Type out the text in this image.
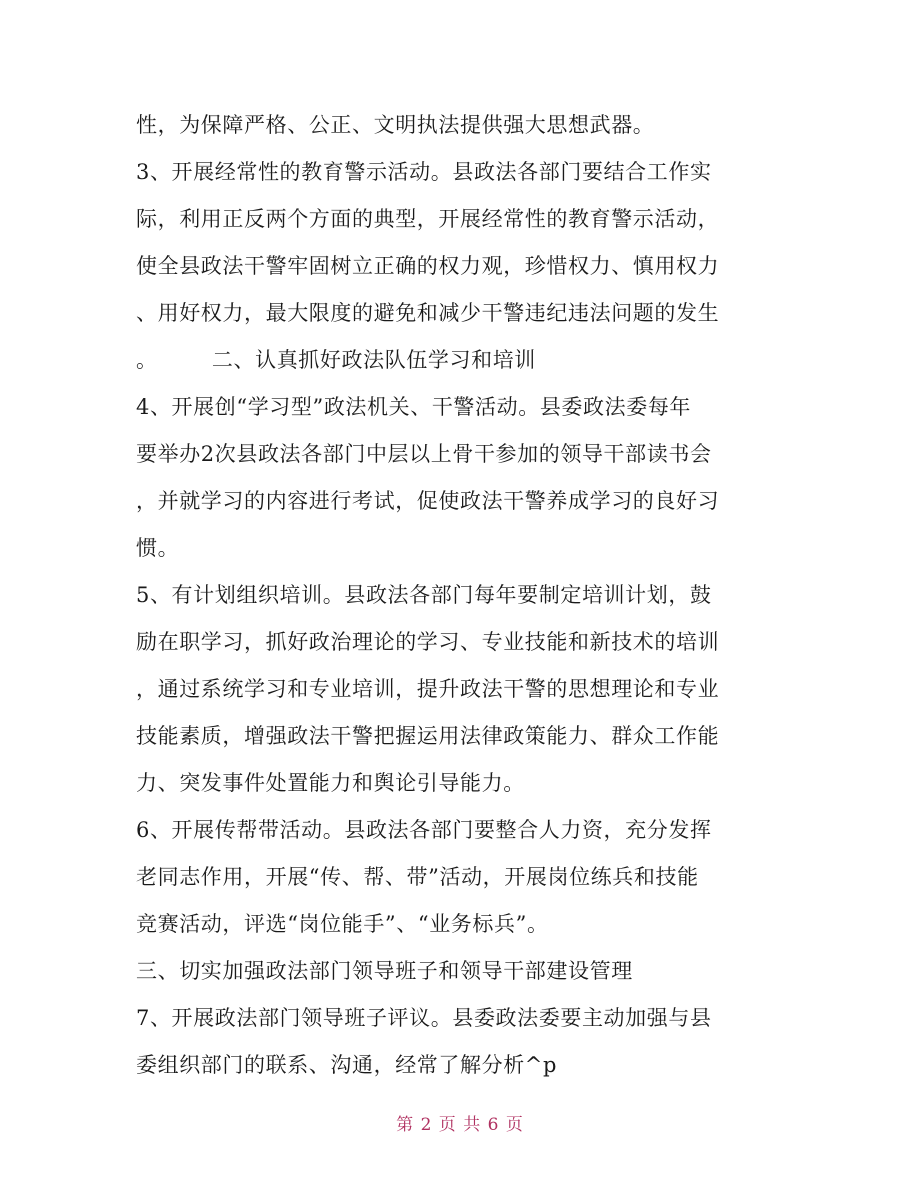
性，为保障严格、公正、文明执法提供强大思想武器。
3、开展经常性的教育警示活动。县政法各部门要结合工作实
际，利用正反两个方面的典型，开展经常性的教育警示活动，
使全县政法干警牢固树立正确的权力观，珍惜权力、慎用权力
、用好权力，最大限度的避免和减少干警违纪违法问题的发生
。　　　二、认真抓好政法队伍学习和培训
4、开展创“学习型”政法机关、干警活动。县委政法委每年
要举办2次县政法各部门中层以上骨干参加的领导干部读书会
，并就学习的内容进行考试，促使政法干警养成学习的良好习
惯。
5、有计划组织培训。县政法各部门每年要制定培训计划，鼓
励在职学习，抓好政治理论的学习、专业技能和新技术的培训
，通过系统学习和专业培训，提升政法干警的思想理论和专业
技能素质，增强政法干警把握运用法律政策能力、群众工作能
力、突发事件处置能力和舆论引导能力。
6、开展传帮带活动。县政法各部门要整合人力资，充分发挥
老同志作用，开展“传、帮、带”活动，开展岗位练兵和技能
竞赛活动，评选“岗位能手”、“业务标兵”。
三、切实加强政法部门领导班子和领导干部建设管理
7、开展政法部门领导班子评议。县委政法委要主动加强与县
委组织部门的联系、沟通，经常了解分析^p
第 2 页 共 6 页
